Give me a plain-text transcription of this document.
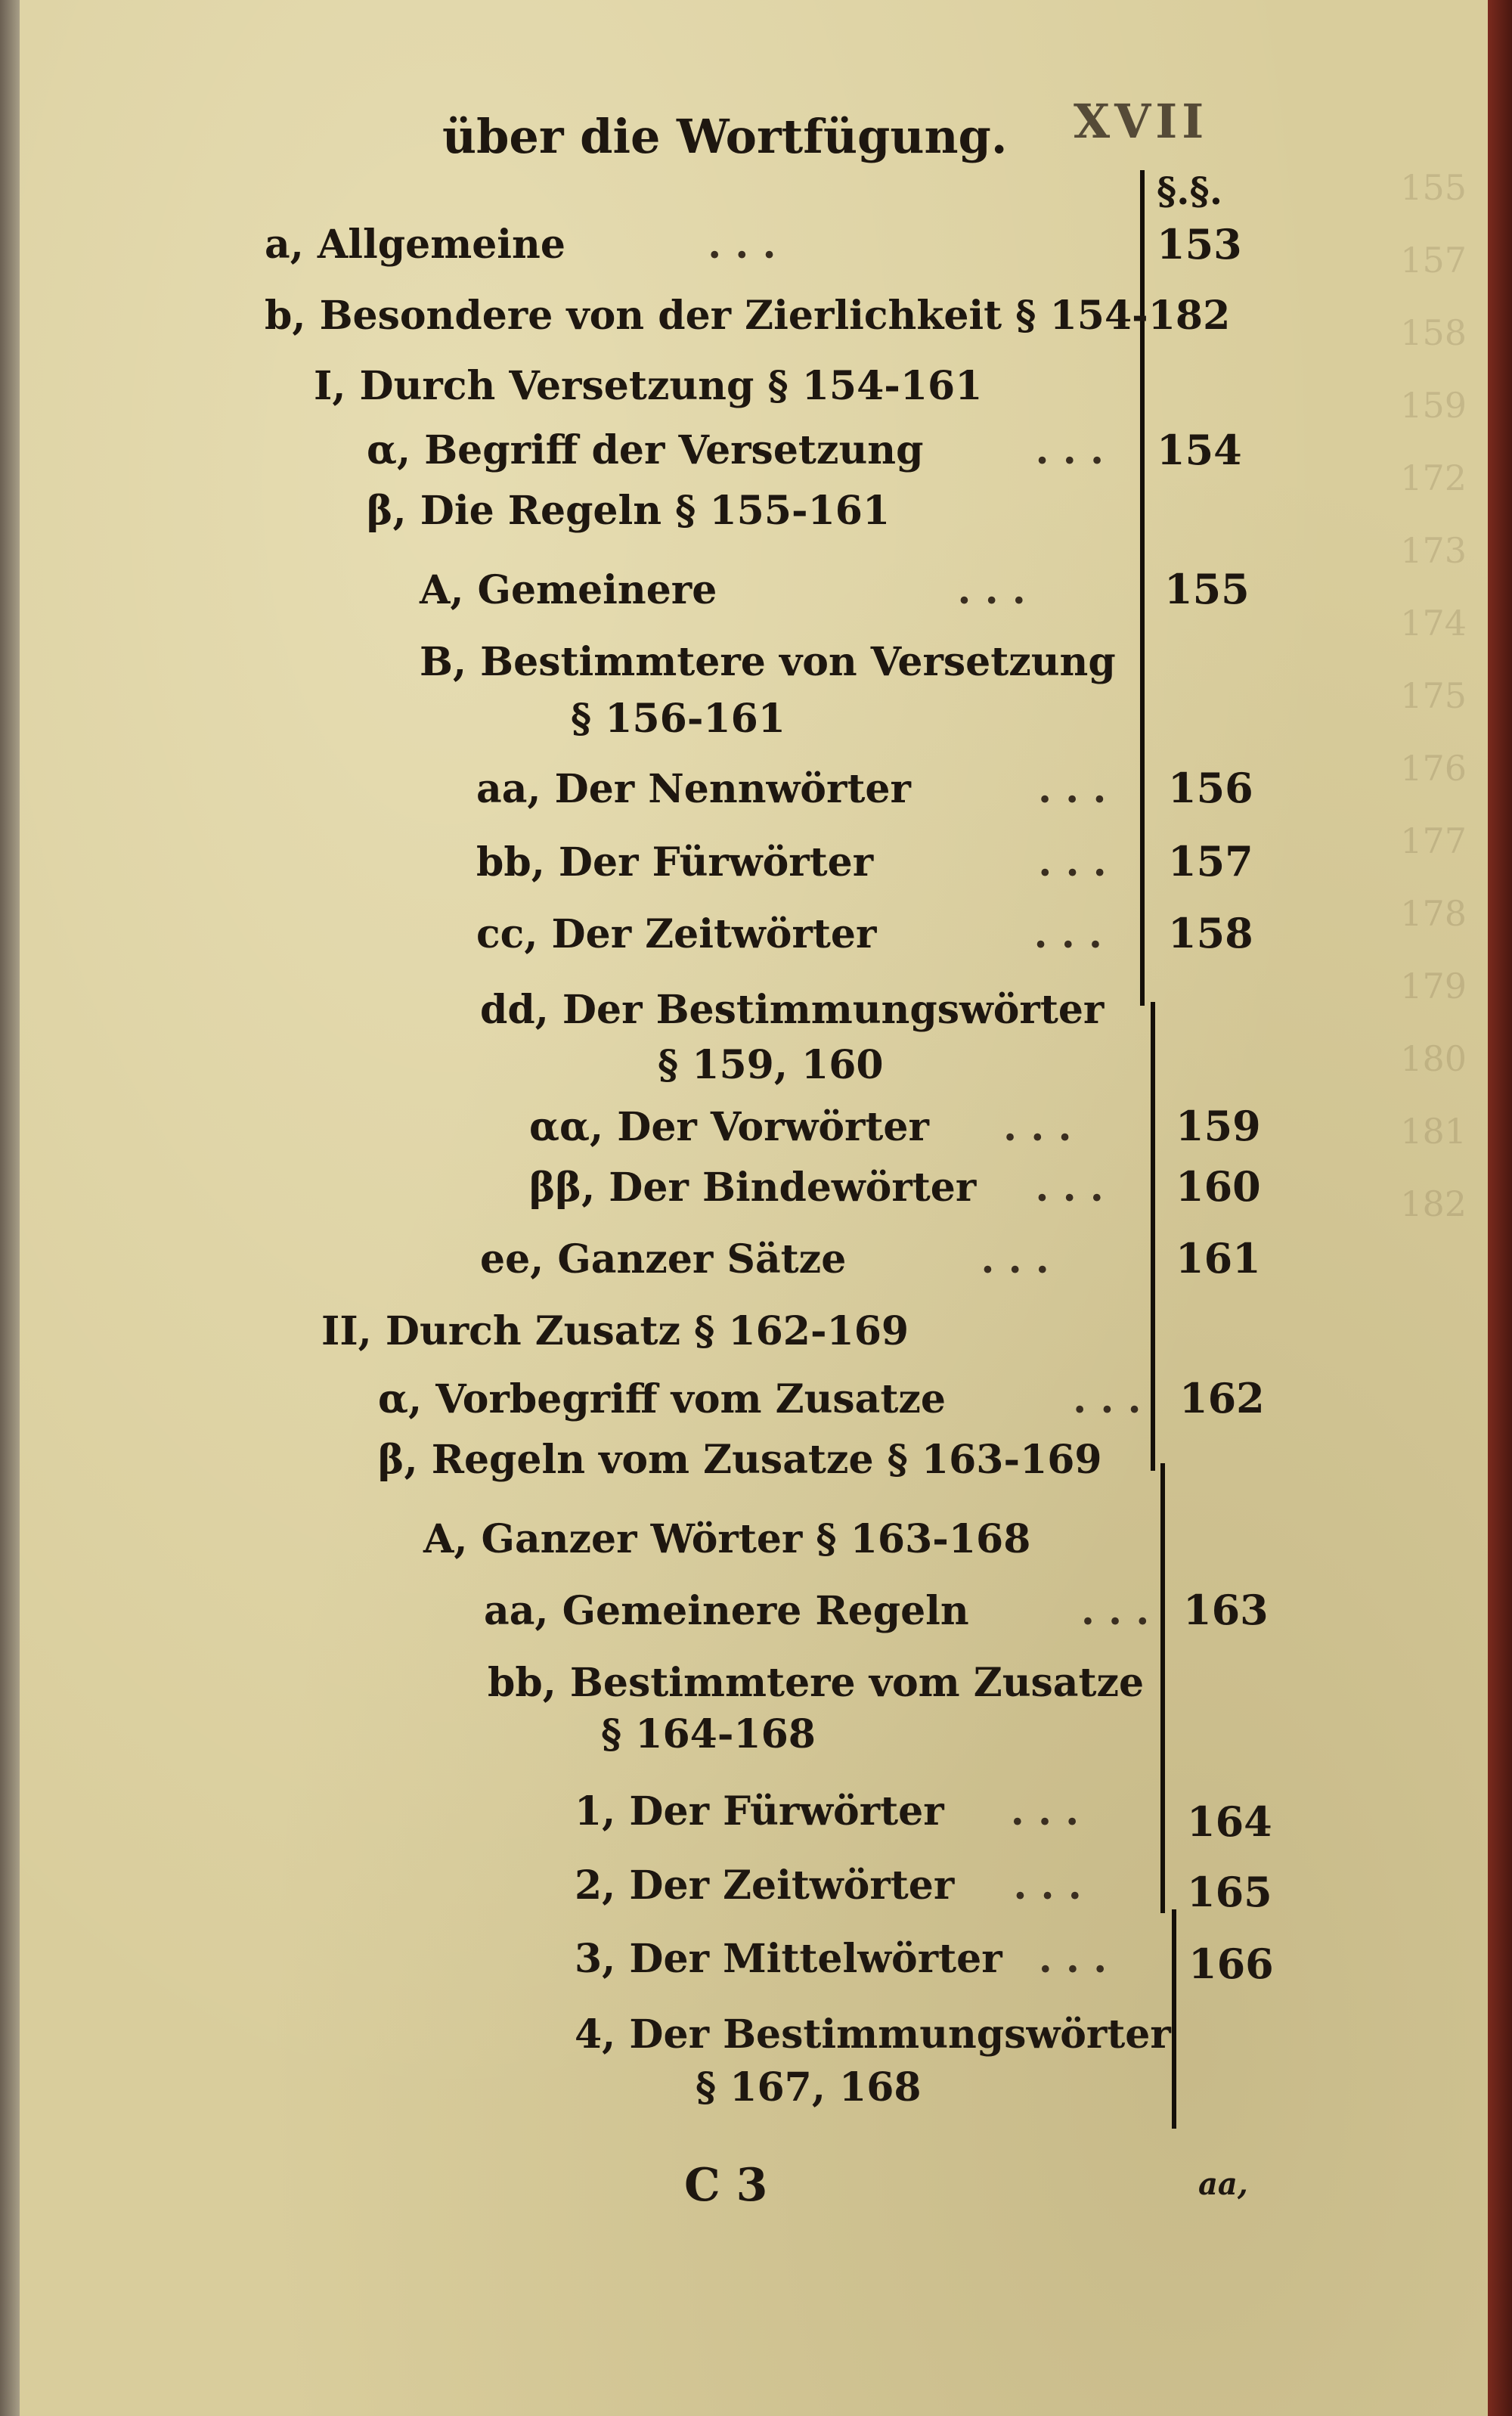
155
157
158
159
172
173
174
175
176
177
178
179
180
181
182
über die Wortfügung. XVII
§.§.
a, Allgemeine	. . .	153
b, Besondere von der Zierlichkeit § 154-182
I, Durch Versetzung § 154-161
α, Begriff der Versetzung	. . . 154
β, Die Regeln § 155-161
A, Gemeinere	. . .	155
B, Bestimmtere von Versetzung
§ 156-161
aa, Der Nennwörter	. . . 156
bb, Der Fürwörter	. . . 157
cc, Der Zeitwörter	. . . 158
dd, Der Bestimmungswörter
§ 159, 160
αα, Der Vorwörter . . .	159
ββ, Der Bindewörter . . . 160
ee, Ganzer Sätze	. . .	161
II, Durch Zusatz § 162-169
α, Vorbegriff vom Zusatze	. . . 162
β, Regeln vom Zusatze § 163-169
A, Ganzer Wörter § 163-168
aa, Gemeinere Regeln	. . . 163
bb, Bestimmtere vom Zusatze
§ 164-168
1, Der Fürwörter . . .	164
2, Der Zeitwörter . . .	165
3, Der Mittelwörter . . . 166
4, Der Bestimmungswörter
§ 167, 168
C 3	aa,
